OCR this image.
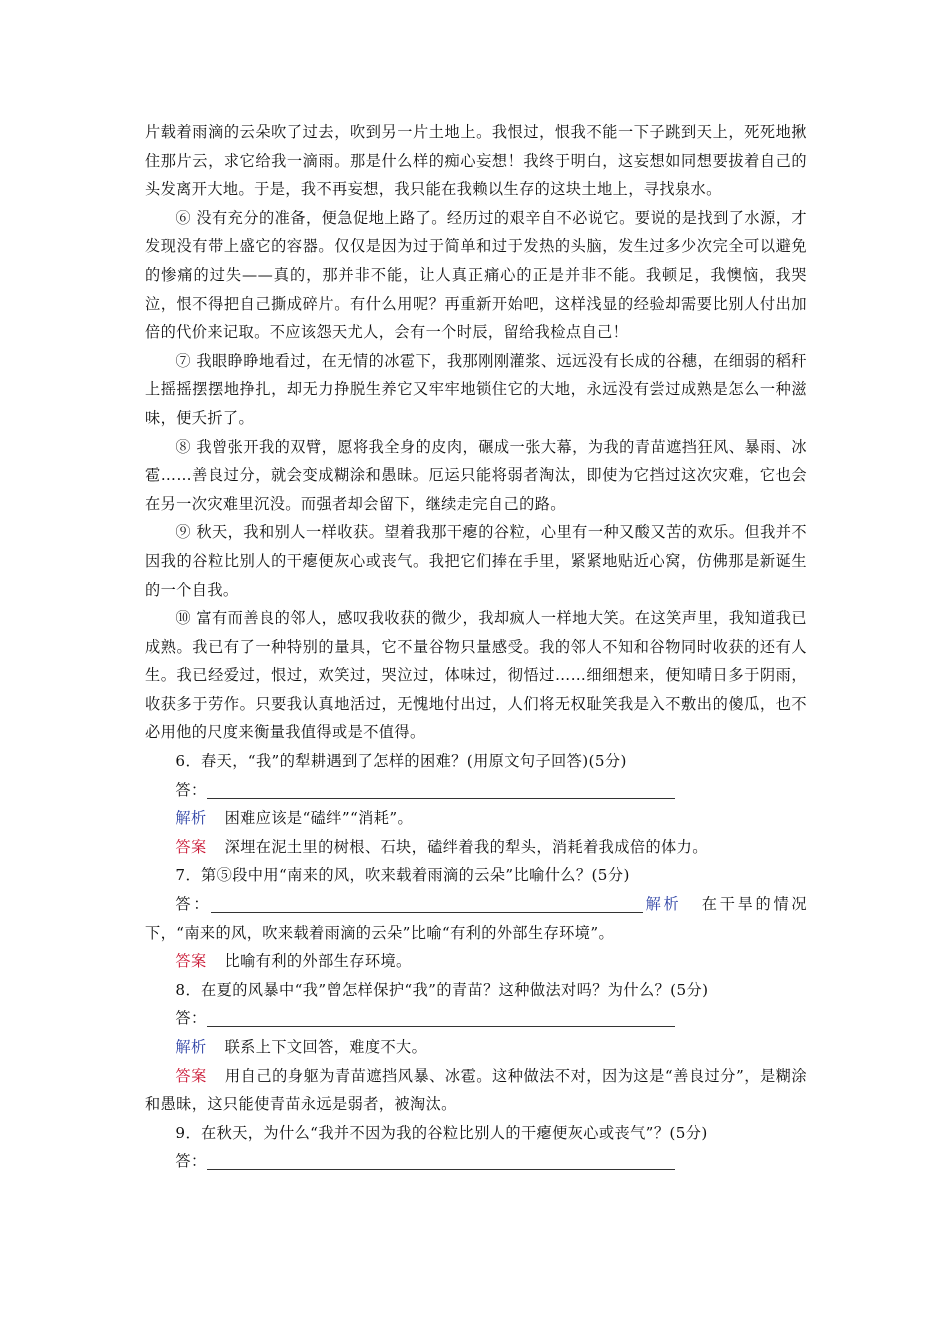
片载着雨滴的云朵吹了过去，吹到另一片土地上。我恨过，恨我不能一下子跳到天上，死死地揪住那片云，求它给我一滴雨。那是什么样的痴心妄想！我终于明白，这妄想如同想要拔着自己的头发离开大地。于是，我不再妄想，我只能在我赖以生存的这块土地上，寻找泉水。

⑥ 没有充分的准备，便急促地上路了。经历过的艰辛自不必说它。要说的是找到了水源，才发现没有带上盛它的容器。仅仅是因为过于简单和过于发热的头脑，发生过多少次完全可以避免的惨痛的过失——真的，那并非不能，让人真正痛心的正是并非不能。我顿足，我懊恼，我哭泣，恨不得把自己撕成碎片。有什么用呢？再重新开始吧，这样浅显的经验却需要比别人付出加倍的代价来记取。不应该怨天尤人，会有一个时辰，留给我检点自己！

⑦ 我眼睁睁地看过，在无情的冰雹下，我那刚刚灌浆、远远没有长成的谷穗，在细弱的稻秆上摇摇摆摆地挣扎，却无力挣脱生养它又牢牢地锁住它的大地，永远没有尝过成熟是怎么一种滋味，便夭折了。

⑧ 我曾张开我的双臂，愿将我全身的皮肉，碾成一张大幕，为我的青苗遮挡狂风、暴雨、冰雹……善良过分，就会变成糊涂和愚昧。厄运只能将弱者淘汰，即使为它挡过这次灾难，它也会在另一次灾难里沉没。而强者却会留下，继续走完自己的路。

⑨ 秋天，我和别人一样收获。望着我那干瘪的谷粒，心里有一种又酸又苦的欢乐。但我并不因我的谷粒比别人的干瘪便灰心或丧气。我把它们捧在手里，紧紧地贴近心窝，仿佛那是新诞生的一个自我。

⑩ 富有而善良的邻人，感叹我收获的微少，我却疯人一样地大笑。在这笑声里，我知道我已成熟。我已有了一种特别的量具，它不量谷物只量感受。我的邻人不知和谷物同时收获的还有人生。我已经爱过，恨过，欢笑过，哭泣过，体味过，彻悟过……细细想来，便知晴日多于阴雨，收获多于劳作。只要我认真地活过，无愧地付出过，人们将无权耻笑我是入不敷出的傻瓜，也不必用他的尺度来衡量我值得或是不值得。

6．春天，“我”的犁耕遇到了怎样的困难？(用原文句子回答)(5分)

答：

解析 困难应该是“磕绊”“消耗”。

答案 深埋在泥土里的树根、石块，磕绊着我的犁头，消耗着我成倍的体力。

7．第⑤段中用“南来的风，吹来载着雨滴的云朵”比喻什么？(5分)

答：	解析 在干旱的情况下，“南来的风，吹来载着雨滴的云朵”比喻“有利的外部生存环境”。

答案 比喻有利的外部生存环境。

8．在夏的风暴中“我”曾怎样保护“我”的青苗？这种做法对吗？为什么？(5分)

答：

解析 联系上下文回答，难度不大。

答案 用自己的身躯为青苗遮挡风暴、冰雹。这种做法不对，因为这是“善良过分”，是糊涂和愚昧，这只能使青苗永远是弱者，被淘汰。

9．在秋天，为什么“我并不因为我的谷粒比别人的干瘪便灰心或丧气”？(5分)

答：
